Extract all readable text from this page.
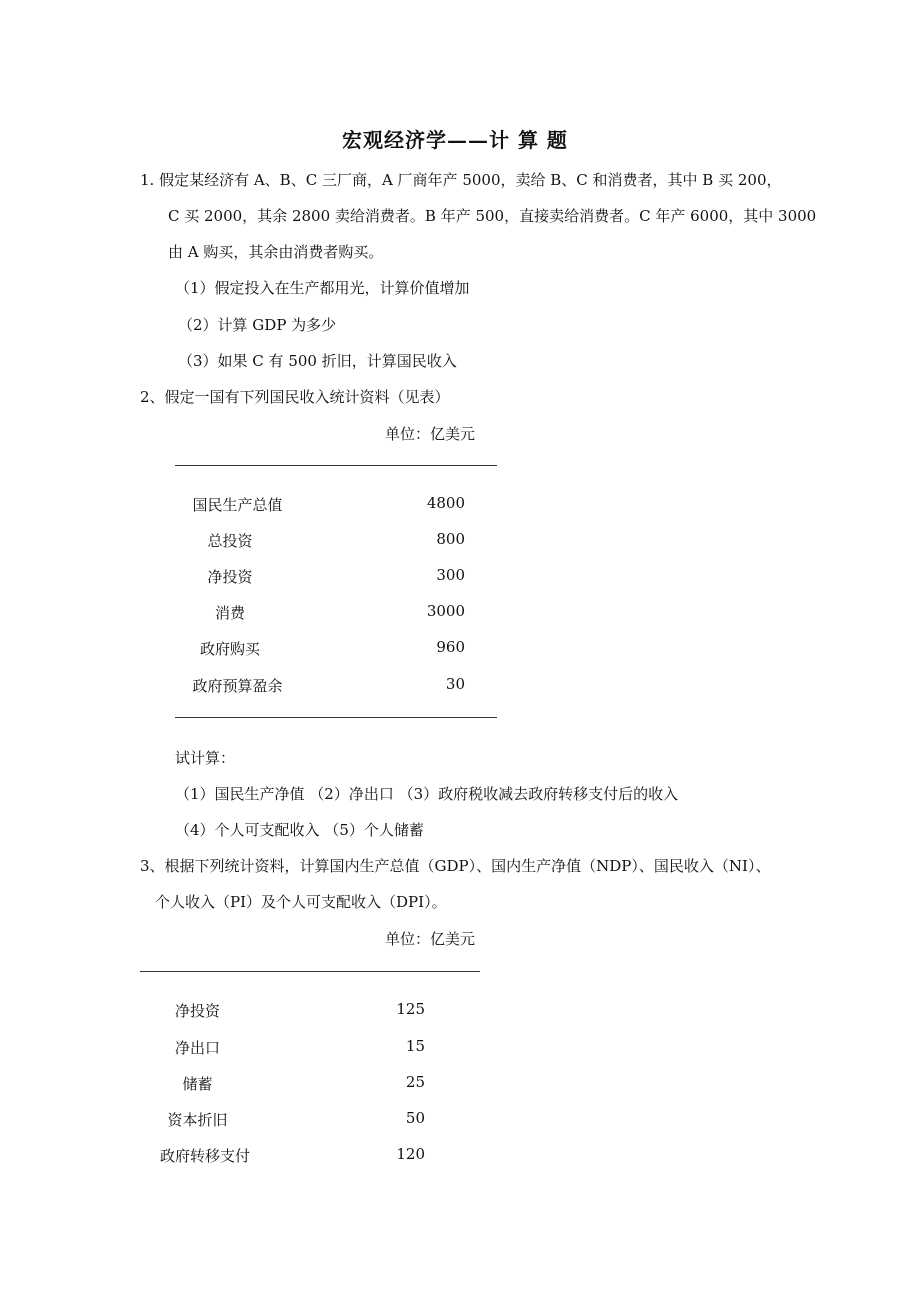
宏观经济学——计 算 题
1. 假定某经济有 A、B、C 三厂商，A 厂商年产 5000，卖给 B、C 和消费者，其中 B 买 200，
C 买 2000，其余 2800 卖给消费者。B 年产 500，直接卖给消费者。C 年产 6000，其中 3000
由 A 购买，其余由消费者购买。
（1）假定投入在生产都用光，计算价值增加
（2）计算 GDP 为多少
（3）如果 C 有 500 折旧，计算国民收入
2、假定一国有下列国民收入统计资料（见表）
单位：亿美元
国民生产总值	4800
总投资	800
净投资	300
消费	3000
政府购买	960
政府预算盈余	30
试计算：
（1）国民生产净值 （2）净出口 （3）政府税收减去政府转移支付后的收入
（4）个人可支配收入 （5）个人储蓄
3、根据下列统计资料，计算国内生产总值（GDP）、国内生产净值（NDP）、国民收入（NI）、
个人收入（PI）及个人可支配收入（DPI）。
单位：亿美元
净投资	125
净出口	15
储蓄	25
资本折旧	50
政府转移支付	120
